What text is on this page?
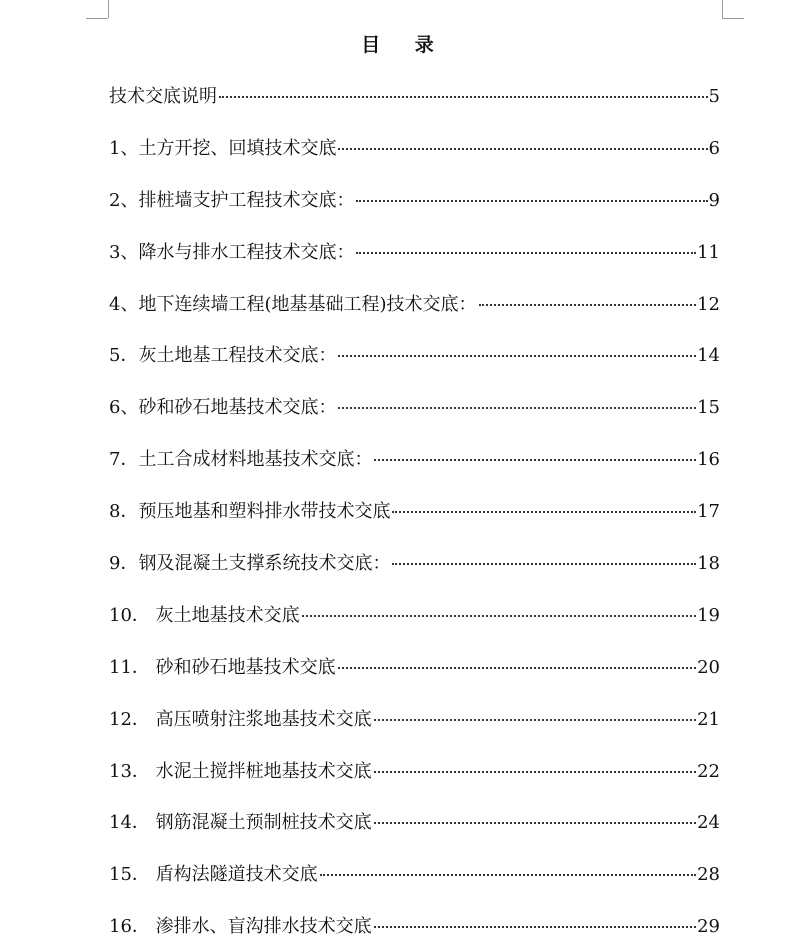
目 录
技术交底说明	5
1、土方开挖、回填技术交底	6
2、排桩墙支护工程技术交底：	9
3、降水与排水工程技术交底：	11
4、地下连续墙工程(地基基础工程)技术交底：	12
5．灰土地基工程技术交底：	14
6、砂和砂石地基技术交底：	15
7．土工合成材料地基技术交底：	16
8．预压地基和塑料排水带技术交底	17
9．钢及混凝土支撑系统技术交底：	18
10． 灰土地基技术交底	19
11． 砂和砂石地基技术交底	20
12． 高压喷射注浆地基技术交底	21
13． 水泥土搅拌桩地基技术交底	22
14． 钢筋混凝土预制桩技术交底	24
15． 盾构法隧道技术交底	28
16． 渗排水、盲沟排水技术交底	29
